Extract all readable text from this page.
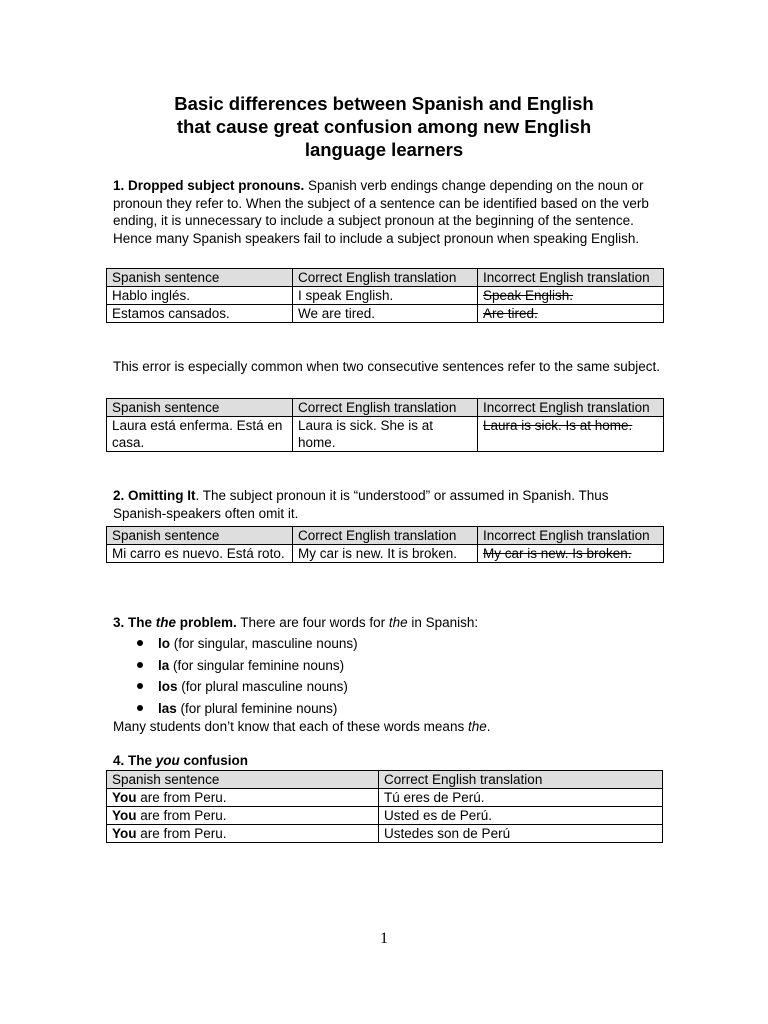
Basic differences between Spanish and English
that cause great confusion among new English
language learners
1. Dropped subject pronouns. Spanish verb endings change depending on the noun or pronoun they refer to. When the subject of a sentence can be identified based on the verb ending, it is unnecessary to include a subject pronoun at the beginning of the sentence. Hence many Spanish speakers fail to include a subject pronoun when speaking English.
Spanish sentence	Correct English translation	Incorrect English translation
Hablo inglés.	I speak English.	Speak English.
Estamos cansados.	We are tired.	Are tired.
This error is especially common when two consecutive sentences refer to the same subject.
Spanish sentence	Correct English translation	Incorrect English translation
Laura está enferma. Está en casa.	Laura is sick. She is at home.	Laura is sick. Is at home.
2. Omitting It. The subject pronoun it is “understood” or assumed in Spanish. Thus Spanish-speakers often omit it.
Spanish sentence	Correct English translation	Incorrect English translation
Mi carro es nuevo. Está roto.	My car is new. It is broken.	My car is new. Is broken.
3. The the problem. There are four words for the in Spanish:
lo (for singular, masculine nouns)
la (for singular feminine nouns)
los (for plural masculine nouns)
las (for plural feminine nouns)
Many students don’t know that each of these words means the.
4. The you confusion
Spanish sentence	Correct English translation
You are from Peru.	Tú eres de Perú.
You are from Peru.	Usted es de Perú.
You are from Peru.	Ustedes son de Perú
1
